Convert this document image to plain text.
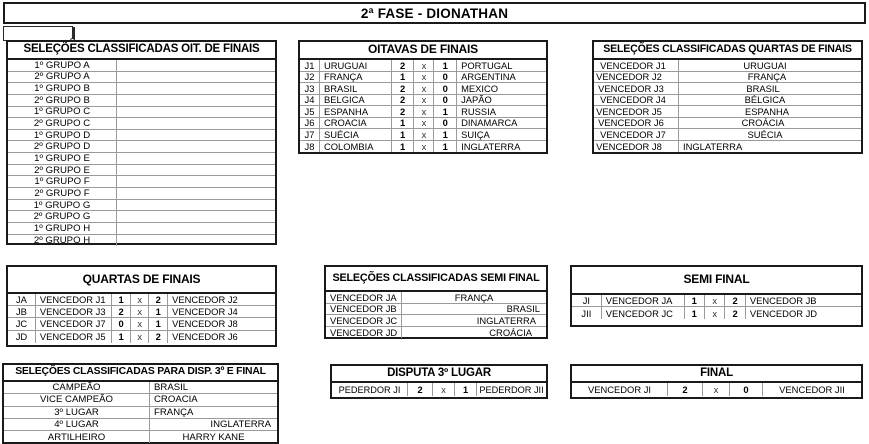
2ª FASE - DIONATHAN
SELEÇÕES CLASSIFICADAS OIT. DE FINAIS
1º GRUPO A
2º GRUPO A
1º GRUPO B
2º GRUPO B
1º GRUPO C
2º GRUPO C
1º GRUPO D
2º GRUPO D
1º GRUPO E
2º GRUPO E
1º GRUPO F
2º GRUPO F
1º GRUPO G
2º GRUPO G
1º GRUPO H
2º GRUPO H
OITAVAS DE FINAIS
J1	URUGUAI	2	x	1	PORTUGAL
J2	FRANÇA	1	x	0	ARGENTINA
J3	BRASIL	2	x	0	MEXICO
J4	BELGICA	2	x	0	JAPÃO
J5	ESPANHA	2	x	1	RUSSIA
J6	CROACIA	1	x	0	DINAMARCA
J7	SUÉCIA	1	x	1	SUIÇA
J8	COLOMBIA	1	x	1	INGLATERRA
SELEÇÕES CLASSIFICADAS QUARTAS DE FINAIS
VENCEDOR J1	URUGUAI
VENCEDOR J2	FRANÇA
VENCEDOR J3	BRASIL
VENCEDOR J4	BÉLGICA
VENCEDOR J5	ESPANHA
VENCEDOR J6	CROÁCIA
VENCEDOR J7	SUÉCIA
VENCEDOR J8	INGLATERRA
QUARTAS DE FINAIS
JA	VENCEDOR J1	1	x	2	VENCEDOR J2
JB	VENCEDOR J3	2	x	1	VENCEDOR J4
JC	VENCEDOR J7	0	x	1	VENCEDOR J8
JD	VENCEDOR J5	1	x	2	VENCEDOR J6
SELEÇÕES CLASSIFICADAS SEMI FINAL
VENCEDOR JA	FRANÇA
VENCEDOR JB	BRASIL
VENCEDOR JC	INGLATERRA
VENCEDOR JD	CROÁCIA
SEMI FINAL
JI	VENCEDOR JA	1	x	2	VENCEDOR JB
JII	VENCEDOR JC	1	x	2	VENCEDOR JD
SELEÇÕES CLASSIFICADAS PARA DISP. 3º E FINAL
CAMPEÃO	BRASIL
VICE CAMPEÃO	CROACIA
3º LUGAR	FRANÇA
4º LUGAR	INGLATERRA
ARTILHEIRO	HARRY KANE
DISPUTA 3º LUGAR
PEDERDOR JI	2	x	1	PEDERDOR JII
FINAL
VENCEDOR JI	2	x	0	VENCEDOR JII
